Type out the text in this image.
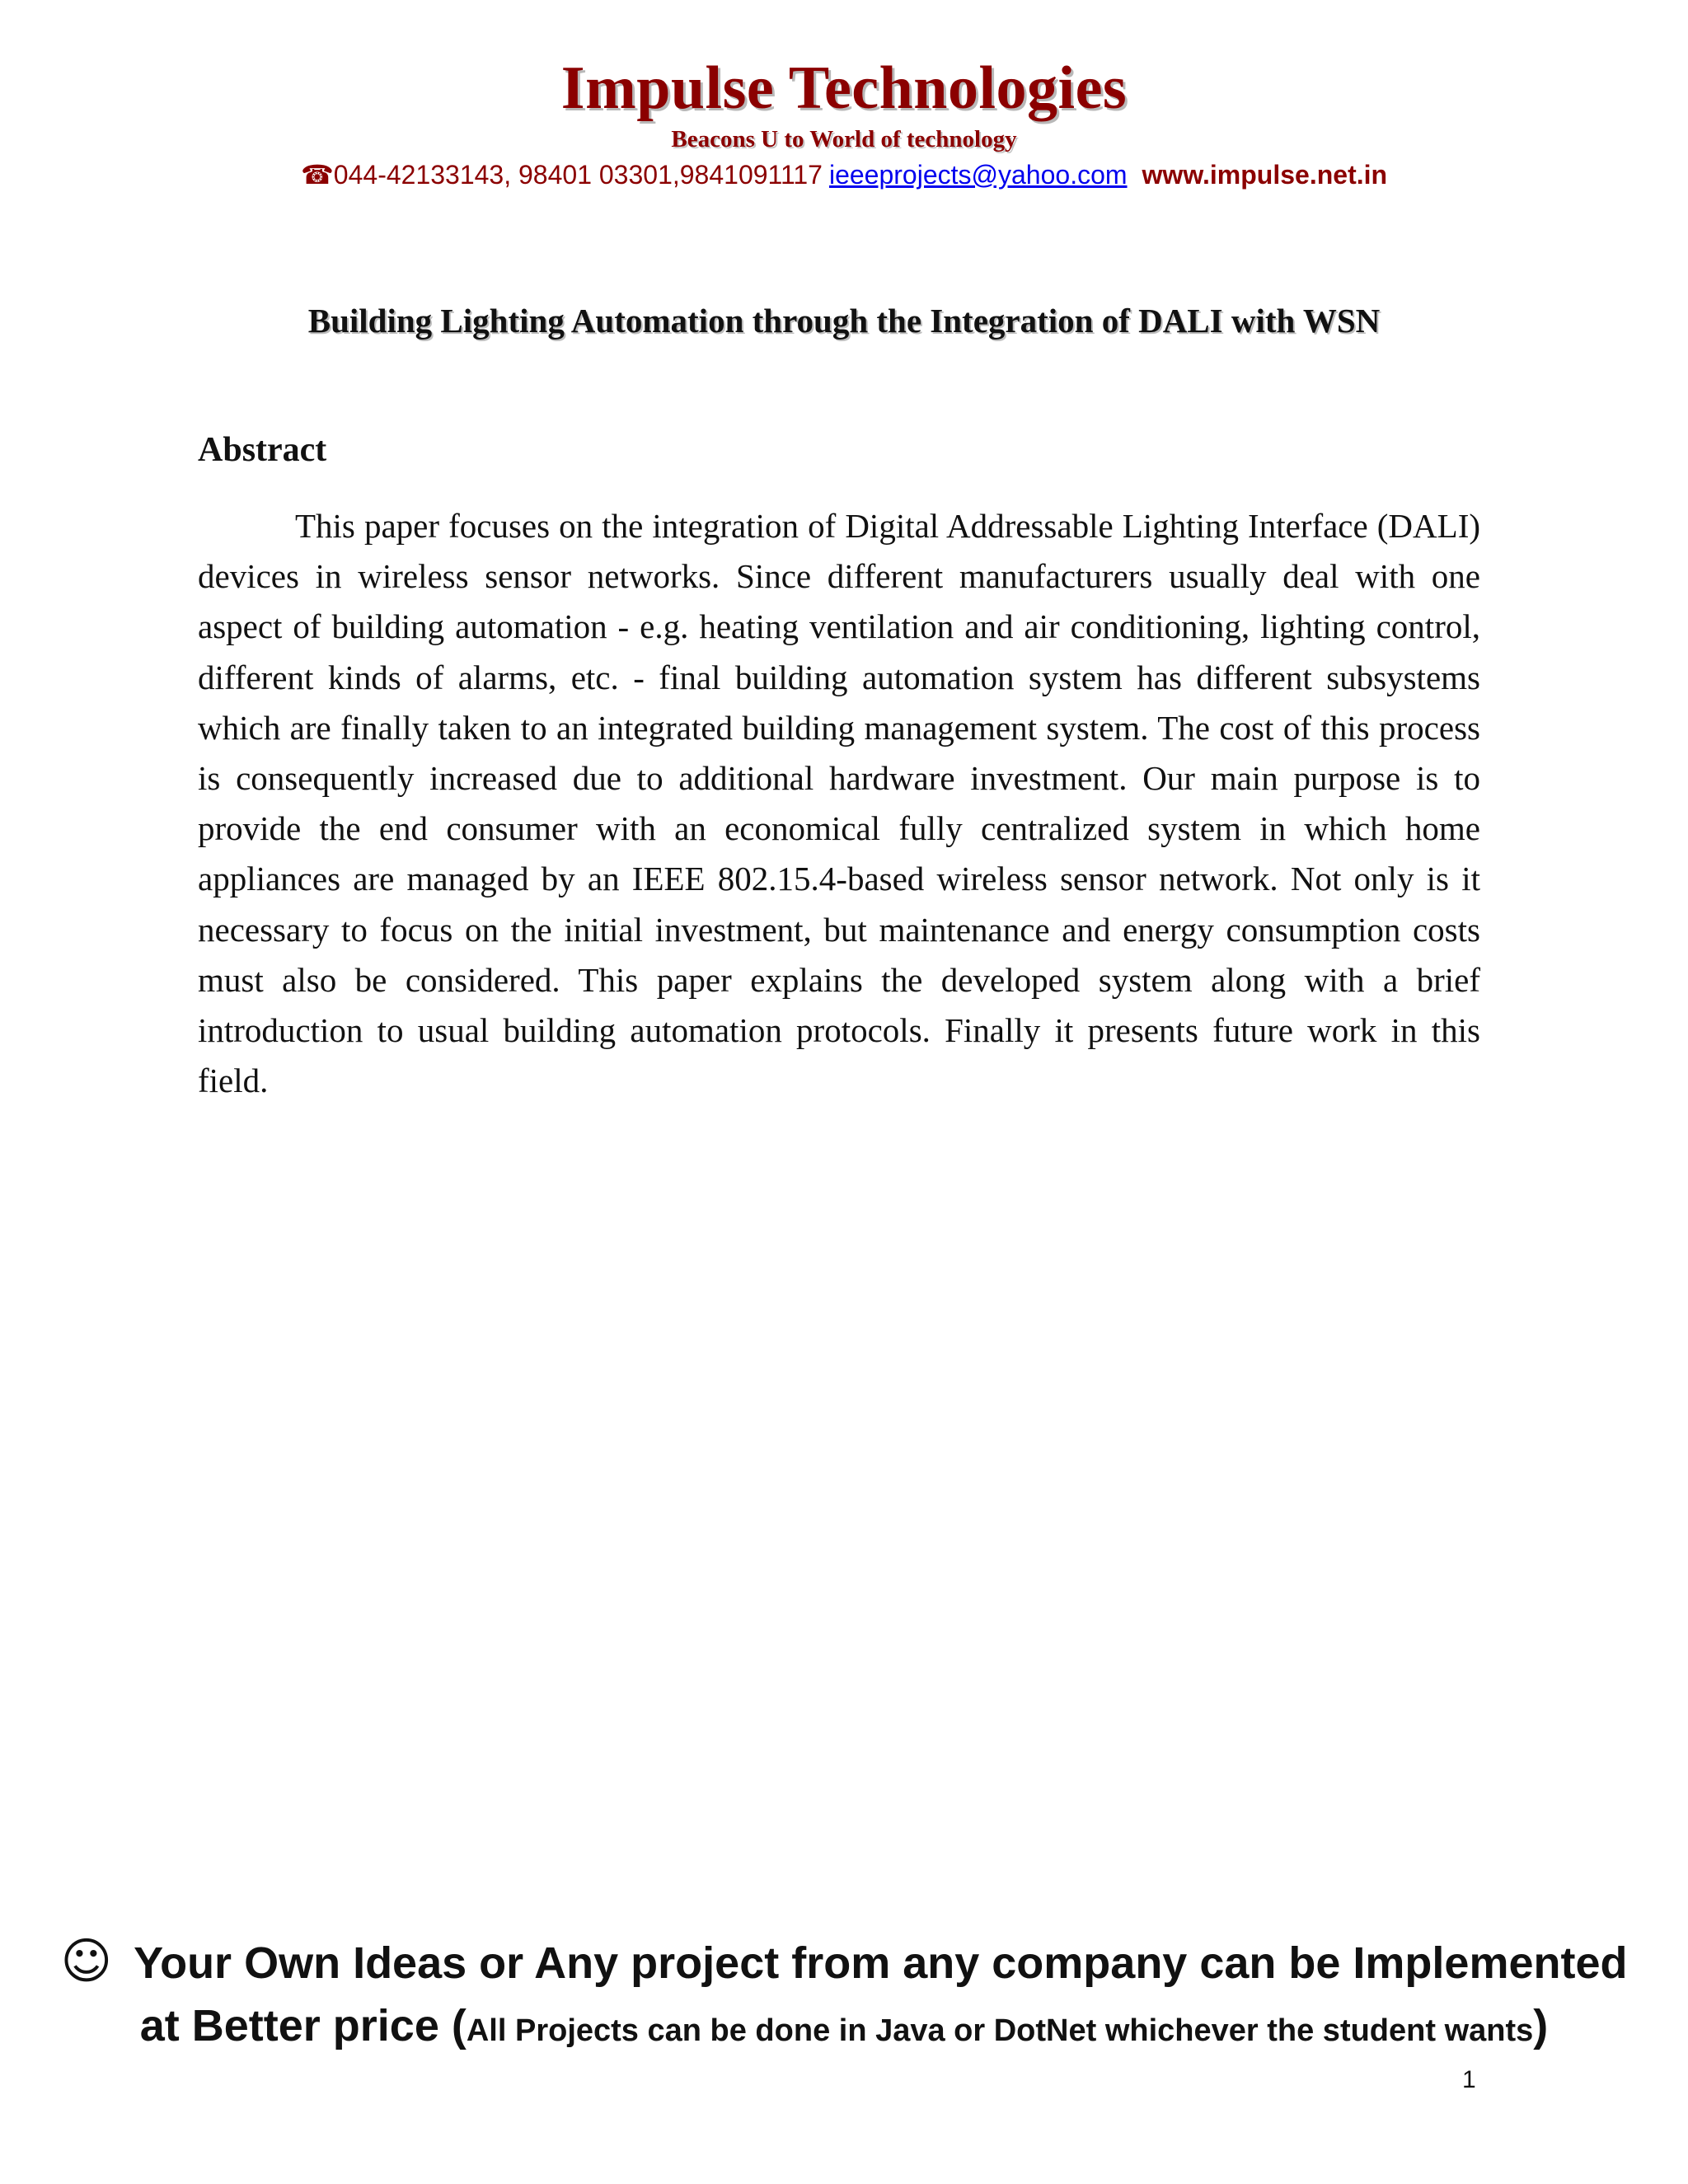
Impulse Technologies
Beacons U to World of technology
☎044-42133143, 98401 03301,9841091117 ieeeprojects@yahoo.com www.impulse.net.in
Building Lighting Automation through the Integration of DALI with WSN
Abstract

This paper focuses on the integration of Digital Addressable Lighting Interface (DALI) devices in wireless sensor networks. Since different manufacturers usually deal with one aspect of building automation - e.g. heating ventilation and air conditioning, lighting control, different kinds of alarms, etc. - final building automation system has different subsystems which are finally taken to an integrated building management system. The cost of this process is consequently increased due to additional hardware investment. Our main purpose is to provide the end consumer with an economical fully centralized system in which home appliances are managed by an IEEE 802.15.4-based wireless sensor network. Not only is it necessary to focus on the initial investment, but maintenance and energy consumption costs must also be considered. This paper explains the developed system along with a brief introduction to usual building automation protocols. Finally it presents future work in this field.

☺ Your Own Ideas or Any project from any company can be Implemented
at Better price (All Projects can be done in Java or DotNet whichever the student wants)
1
